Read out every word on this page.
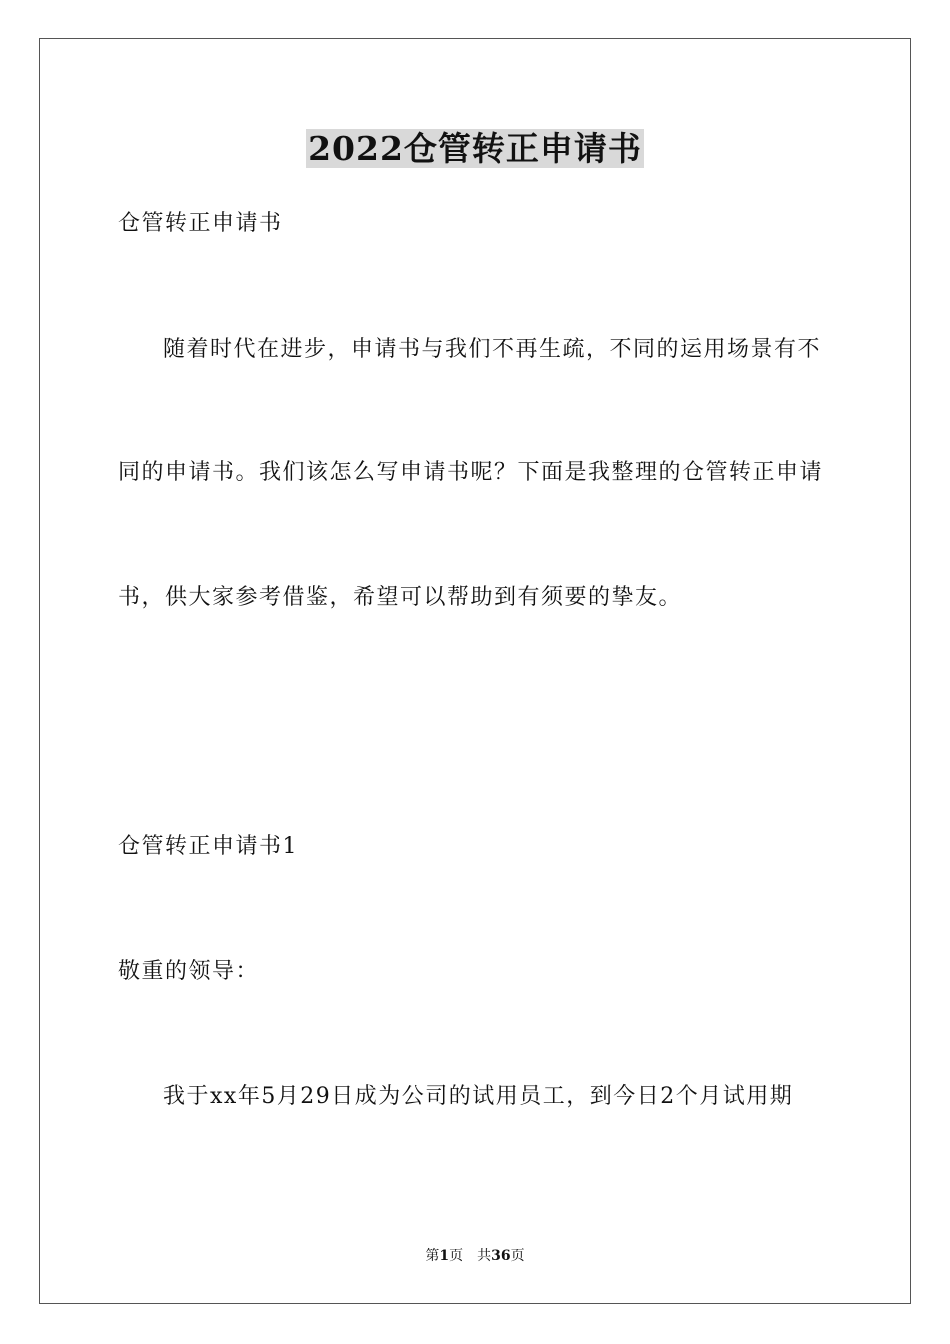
2022仓管转正申请书
仓管转正申请书
随着时代在进步，申请书与我们不再生疏，不同的运用场景有不
同的申请书。我们该怎么写申请书呢？下面是我整理的仓管转正申请
书，供大家参考借鉴，希望可以帮助到有须要的挚友。
仓管转正申请书1
敬重的领导：
我于xx年5月29日成为公司的试用员工，到今日2个月试用期
第1页　共36页
